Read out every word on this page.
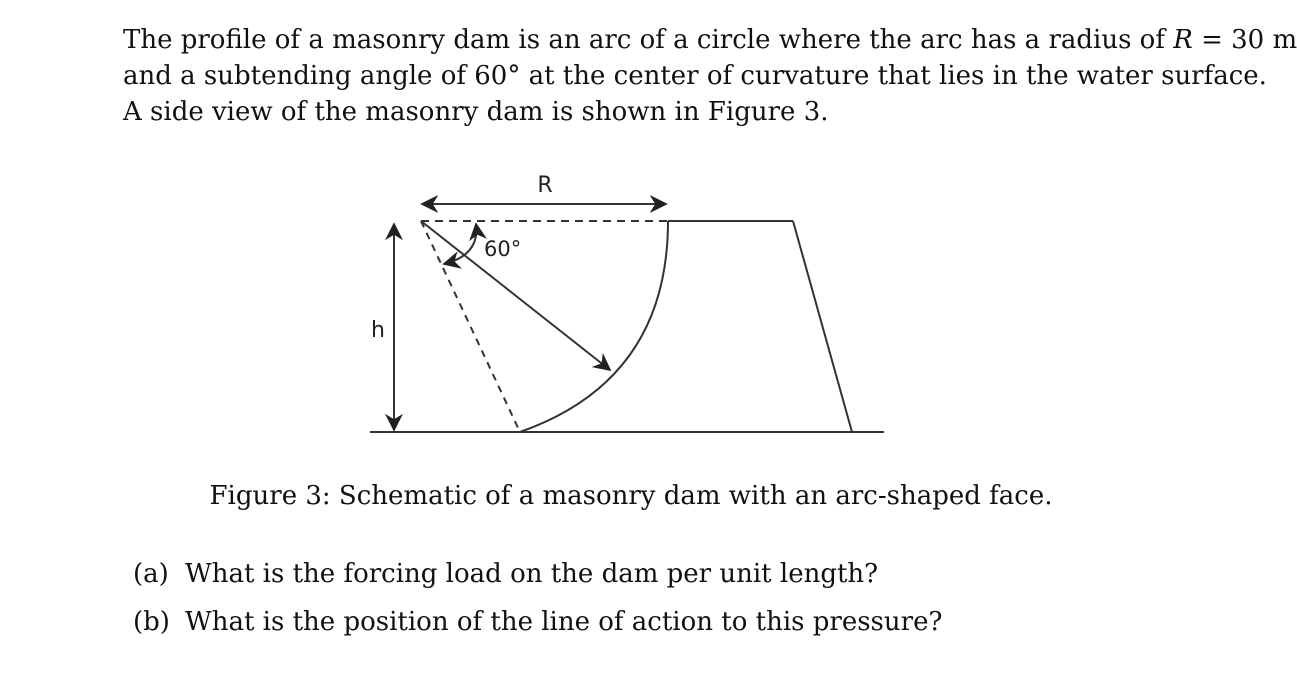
The profile of a masonry dam is an arc of a circle where the arc has a radius of R = 30 m
and a subtending angle of 60° at the center of curvature that lies in the water surface.
A side view of the masonry dam is shown in Figure 3.
R
60°
h
Figure 3: Schematic of a masonry dam with an arc-shaped face.
(a) What is the forcing load on the dam per unit length?
(b) What is the position of the line of action to this pressure?
